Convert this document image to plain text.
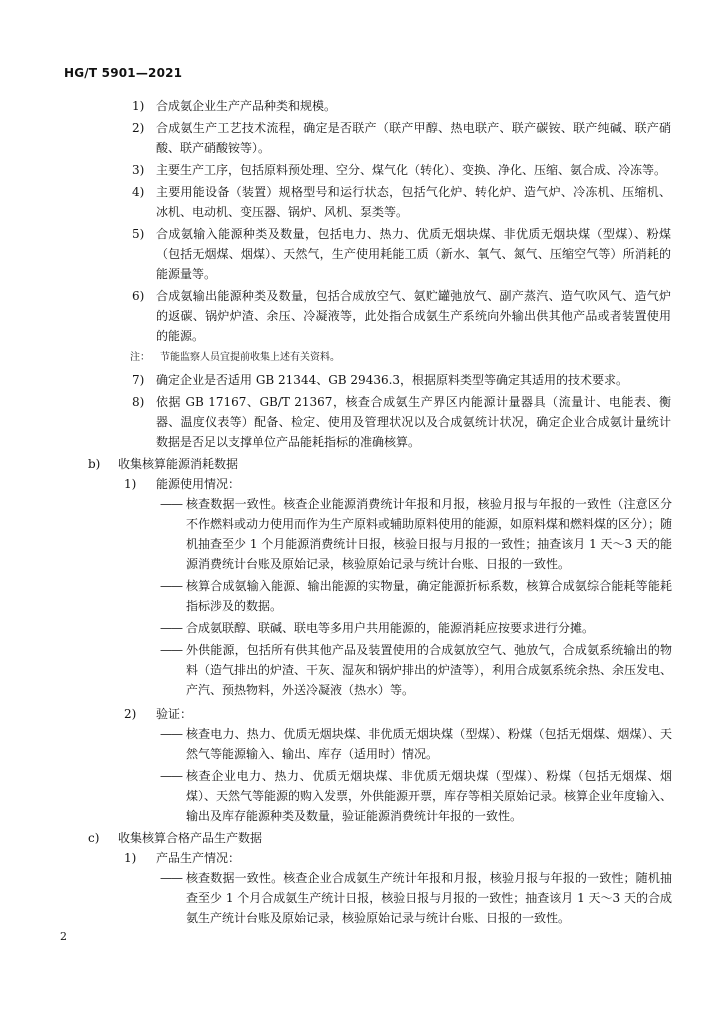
HG/T 5901—2021
1) 合成氨企业生产产品种类和规模。
2) 合成氨生产工艺技术流程，确定是否联产（联产甲醇、热电联产、联产碳铵、联产纯碱、联产硝酸、联产硝酸铵等）。
3) 主要生产工序，包括原料预处理、空分、煤气化（转化）、变换、净化、压缩、氨合成、冷冻等。
4) 主要用能设备（装置）规格型号和运行状态，包括气化炉、转化炉、造气炉、冷冻机、压缩机、冰机、电动机、变压器、锅炉、风机、泵类等。
5) 合成氨输入能源种类及数量，包括电力、热力、优质无烟块煤、非优质无烟块煤（型煤）、粉煤（包括无烟煤、烟煤）、天然气，生产使用耗能工质（新水、氧气、氮气、压缩空气等）所消耗的能源量等。
6) 合成氨输出能源种类及数量，包括合成放空气、氨贮罐弛放气、副产蒸汽、造气吹风气、造气炉的返碳、锅炉炉渣、余压、冷凝液等，此处指合成氨生产系统向外输出供其他产品或者装置使用的能源。
注： 节能监察人员宜提前收集上述有关资料。
7) 确定企业是否适用 GB 21344、GB 29436.3，根据原料类型等确定其适用的技术要求。
8) 依据 GB 17167、GB/T 21367，核查合成氨生产界区内能源计量器具（流量计、电能表、衡器、温度仪表等）配备、检定、使用及管理状况以及合成氨统计状况，确定企业合成氨计量统计数据是否足以支撑单位产品能耗指标的准确核算。
b) 收集核算能源消耗数据
1) 能源使用情况：
—— 核查数据一致性。核查企业能源消费统计年报和月报，核验月报与年报的一致性（注意区分不作燃料或动力使用而作为生产原料或辅助原料使用的能源，如原料煤和燃料煤的区分）；随机抽查至少 1 个月能源消费统计日报，核验日报与月报的一致性；抽查该月 1 天～3 天的能源消费统计台账及原始记录，核验原始记录与统计台账、日报的一致性。
—— 核算合成氨输入能源、输出能源的实物量，确定能源折标系数，核算合成氨综合能耗等能耗指标涉及的数据。
—— 合成氨联醇、联碱、联电等多用户共用能源的，能源消耗应按要求进行分摊。
—— 外供能源，包括所有供其他产品及装置使用的合成氨放空气、弛放气，合成氨系统输出的物料（造气排出的炉渣、干灰、湿灰和锅炉排出的炉渣等），利用合成氨系统余热、余压发电、产汽、预热物料，外送冷凝液（热水）等。
2) 验证：
—— 核查电力、热力、优质无烟块煤、非优质无烟块煤（型煤）、粉煤（包括无烟煤、烟煤）、天然气等能源输入、输出、库存（适用时）情况。
—— 核查企业电力、热力、优质无烟块煤、非优质无烟块煤（型煤）、粉煤（包括无烟煤、烟煤）、天然气等能源的购入发票，外供能源开票，库存等相关原始记录。核算企业年度输入、输出及库存能源种类及数量，验证能源消费统计年报的一致性。
c) 收集核算合格产品生产数据
1) 产品生产情况：
—— 核查数据一致性。核查企业合成氨生产统计年报和月报，核验月报与年报的一致性；随机抽查至少 1 个月合成氨生产统计日报，核验日报与月报的一致性；抽查该月 1 天～3 天的合成氨生产统计台账及原始记录，核验原始记录与统计台账、日报的一致性。
2
